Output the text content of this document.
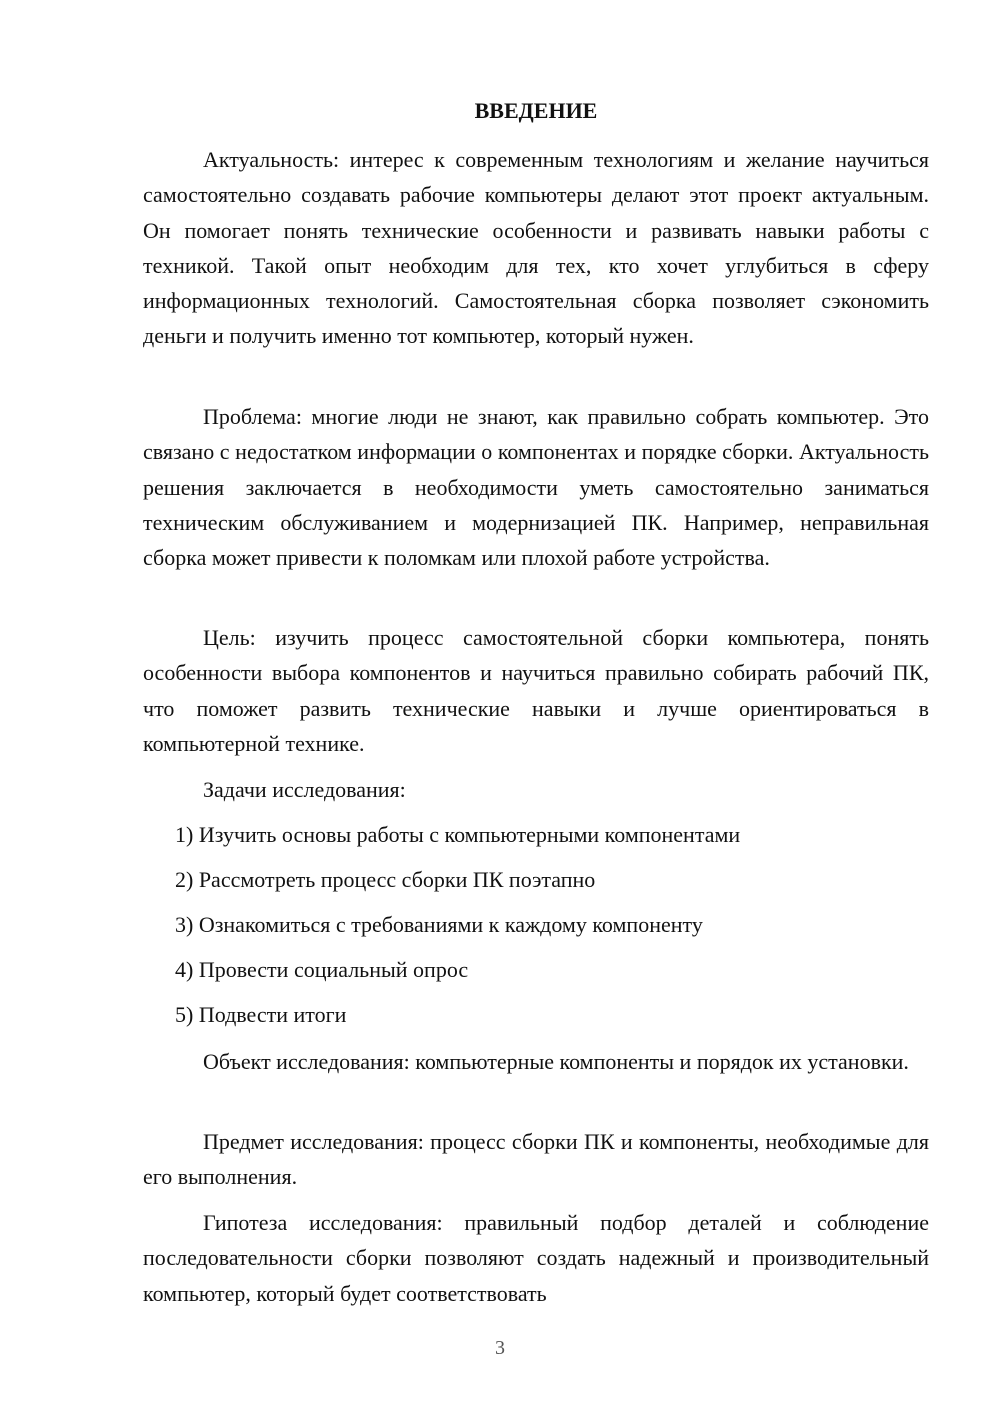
ВВЕДЕНИЕ

Актуальность: интерес к современным технологиям и желание научиться самостоятельно создавать рабочие компьютеры делают этот проект актуальным. Он помогает понять технические особенности и развивать навыки работы с техникой. Такой опыт необходим для тех, кто хочет углубиться в сферу информационных технологий. Самостоятельная сборка позволяет сэкономить деньги и получить именно тот компьютер, который нужен.

Проблема: многие люди не знают, как правильно собрать компьютер. Это связано с недостатком информации о компонентах и порядке сборки. Актуальность решения заключается в необходимости уметь самостоятельно заниматься техническим обслуживанием и модернизацией ПК. Например, неправильная сборка может привести к поломкам или плохой работе устройства.

Цель: изучить процесс самостоятельной сборки компьютера, понять особенности выбора компонентов и научиться правильно собирать рабочий ПК, что поможет развить технические навыки и лучше ориентироваться в компьютерной технике.

Задачи исследования:

1) Изучить основы работы с компьютерными компонентами

2) Рассмотреть процесс сборки ПК поэтапно

3) Ознакомиться с требованиями к каждому компоненту

4) Провести социальный опрос

5) Подвести итоги

Объект исследования: компьютерные компоненты и порядок их установки.

Предмет исследования: процесс сборки ПК и компоненты, необходимые для его выполнения.

Гипотеза исследования: правильный подбор деталей и соблюдение последовательности сборки позволяют создать надежный и производительный компьютер, который будет соответствовать

3
